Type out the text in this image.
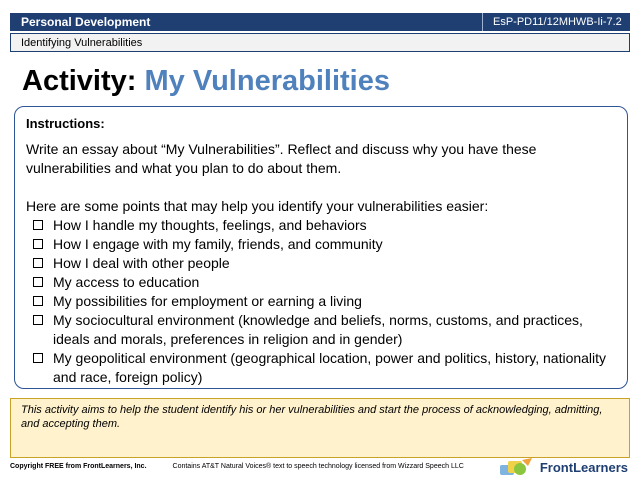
Personal Development	EsP-PD11/12MHWB-Ii-7.2
Identifying Vulnerabilities
Activity: My Vulnerabilities
Instructions:

Write an essay about “My Vulnerabilities”. Reflect and discuss why you have these vulnerabilities and what you plan to do about them.

Here are some points that may help you identify your vulnerabilities easier:

How I handle my thoughts, feelings, and behaviors
How I engage with my family, friends, and community
How I deal with other people
My access to education
My possibilities for employment or earning a living
My sociocultural environment (knowledge and beliefs, norms, customs, and practices, ideals and morals, preferences in religion and in gender)
My geopolitical environment (geographical location, power and politics, history, nationality and race, foreign policy)
This activity aims to help the student identify his or her vulnerabilities and start the process of acknowledging, admitting, and accepting them.
Copyright FREE from FrontLearners, Inc.	Contains AT&T Natural Voices® text to speech technology licensed from Wizzard Speech LLC	FrontLearners
